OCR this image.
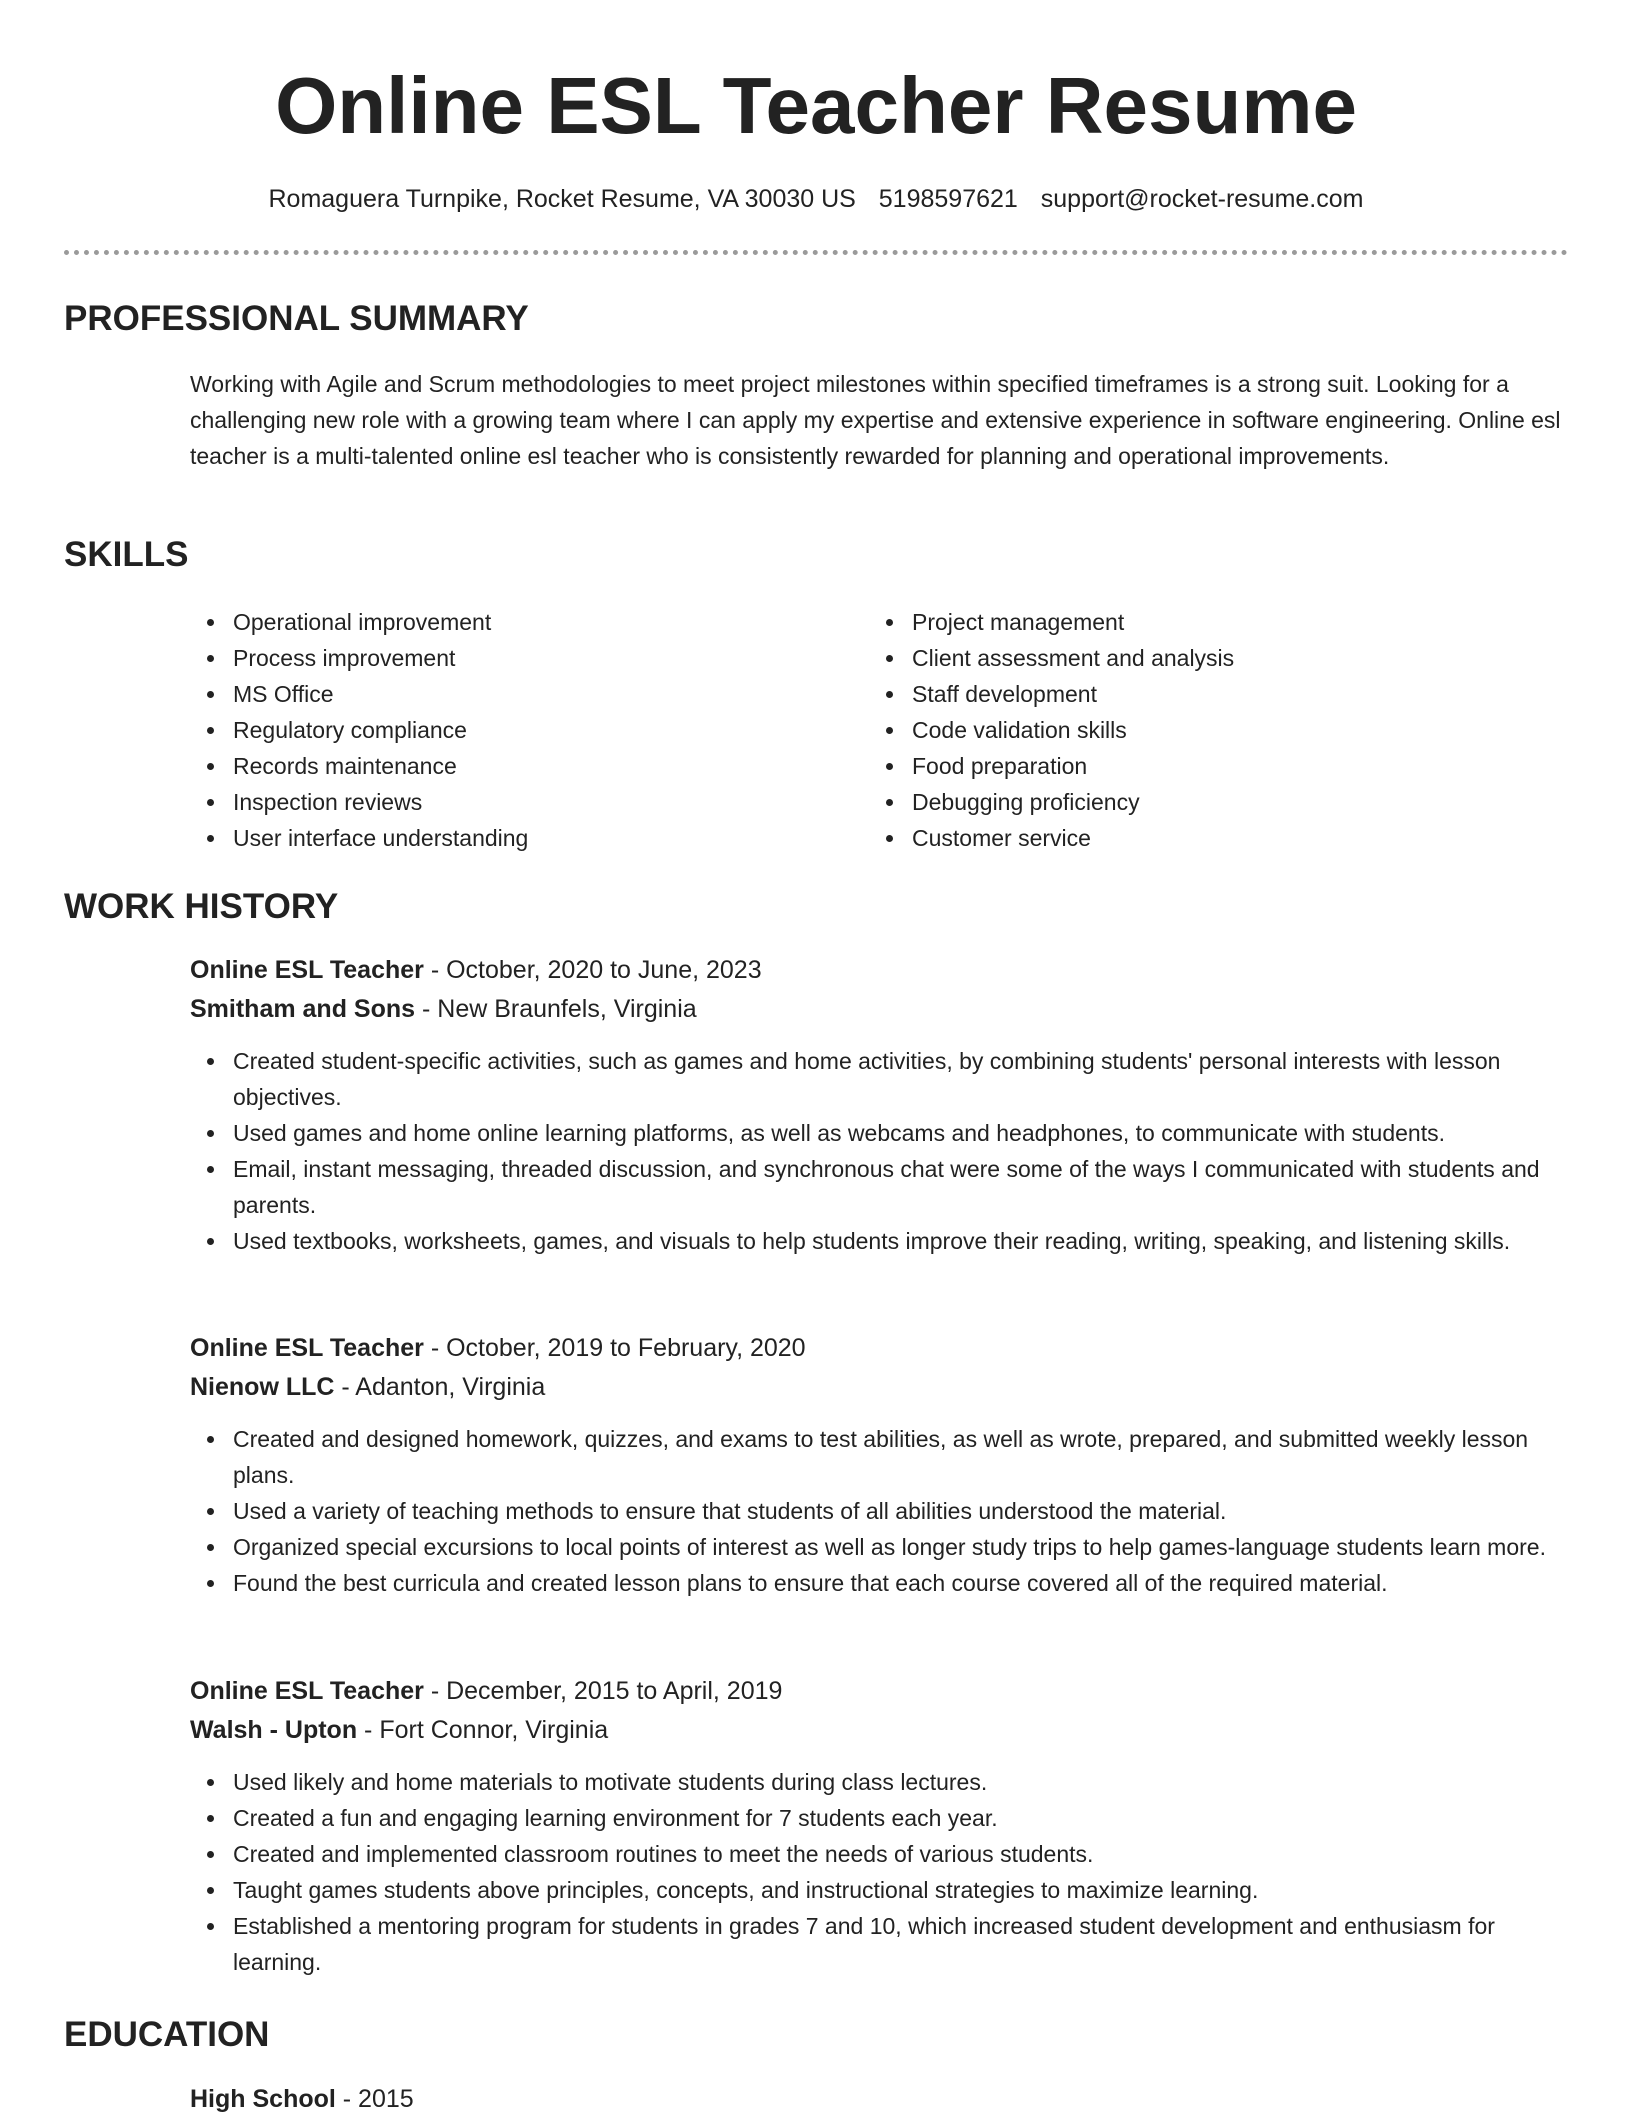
Online ESL Teacher Resume
Romaguera Turnpike, Rocket Resume, VA 30030 US 5198597621 support@rocket-resume.com
PROFESSIONAL SUMMARY
Working with Agile and Scrum methodologies to meet project milestones within specified timeframes is a strong suit. Looking for a challenging new role with a growing team where I can apply my expertise and extensive experience in software engineering. Online esl teacher is a multi-talented online esl teacher who is consistently rewarded for planning and operational improvements.
SKILLS
Operational improvement
Process improvement
MS Office
Regulatory compliance
Records maintenance
Inspection reviews
User interface understanding
Project management
Client assessment and analysis
Staff development
Code validation skills
Food preparation
Debugging proficiency
Customer service
WORK HISTORY
Online ESL Teacher - October, 2020 to June, 2023
Smitham and Sons - New Braunfels, Virginia
Created student-specific activities, such as games and home activities, by combining students' personal interests with lesson objectives.
Used games and home online learning platforms, as well as webcams and headphones, to communicate with students.
Email, instant messaging, threaded discussion, and synchronous chat were some of the ways I communicated with students and parents.
Used textbooks, worksheets, games, and visuals to help students improve their reading, writing, speaking, and listening skills.
Online ESL Teacher - October, 2019 to February, 2020
Nienow LLC - Adanton, Virginia
Created and designed homework, quizzes, and exams to test abilities, as well as wrote, prepared, and submitted weekly lesson plans.
Used a variety of teaching methods to ensure that students of all abilities understood the material.
Organized special excursions to local points of interest as well as longer study trips to help games-language students learn more.
Found the best curricula and created lesson plans to ensure that each course covered all of the required material.
Online ESL Teacher - December, 2015 to April, 2019
Walsh - Upton - Fort Connor, Virginia
Used likely and home materials to motivate students during class lectures.
Created a fun and engaging learning environment for 7 students each year.
Created and implemented classroom routines to meet the needs of various students.
Taught games students above principles, concepts, and instructional strategies to maximize learning.
Established a mentoring program for students in grades 7 and 10, which increased student development and enthusiasm for learning.
EDUCATION
High School - 2015
